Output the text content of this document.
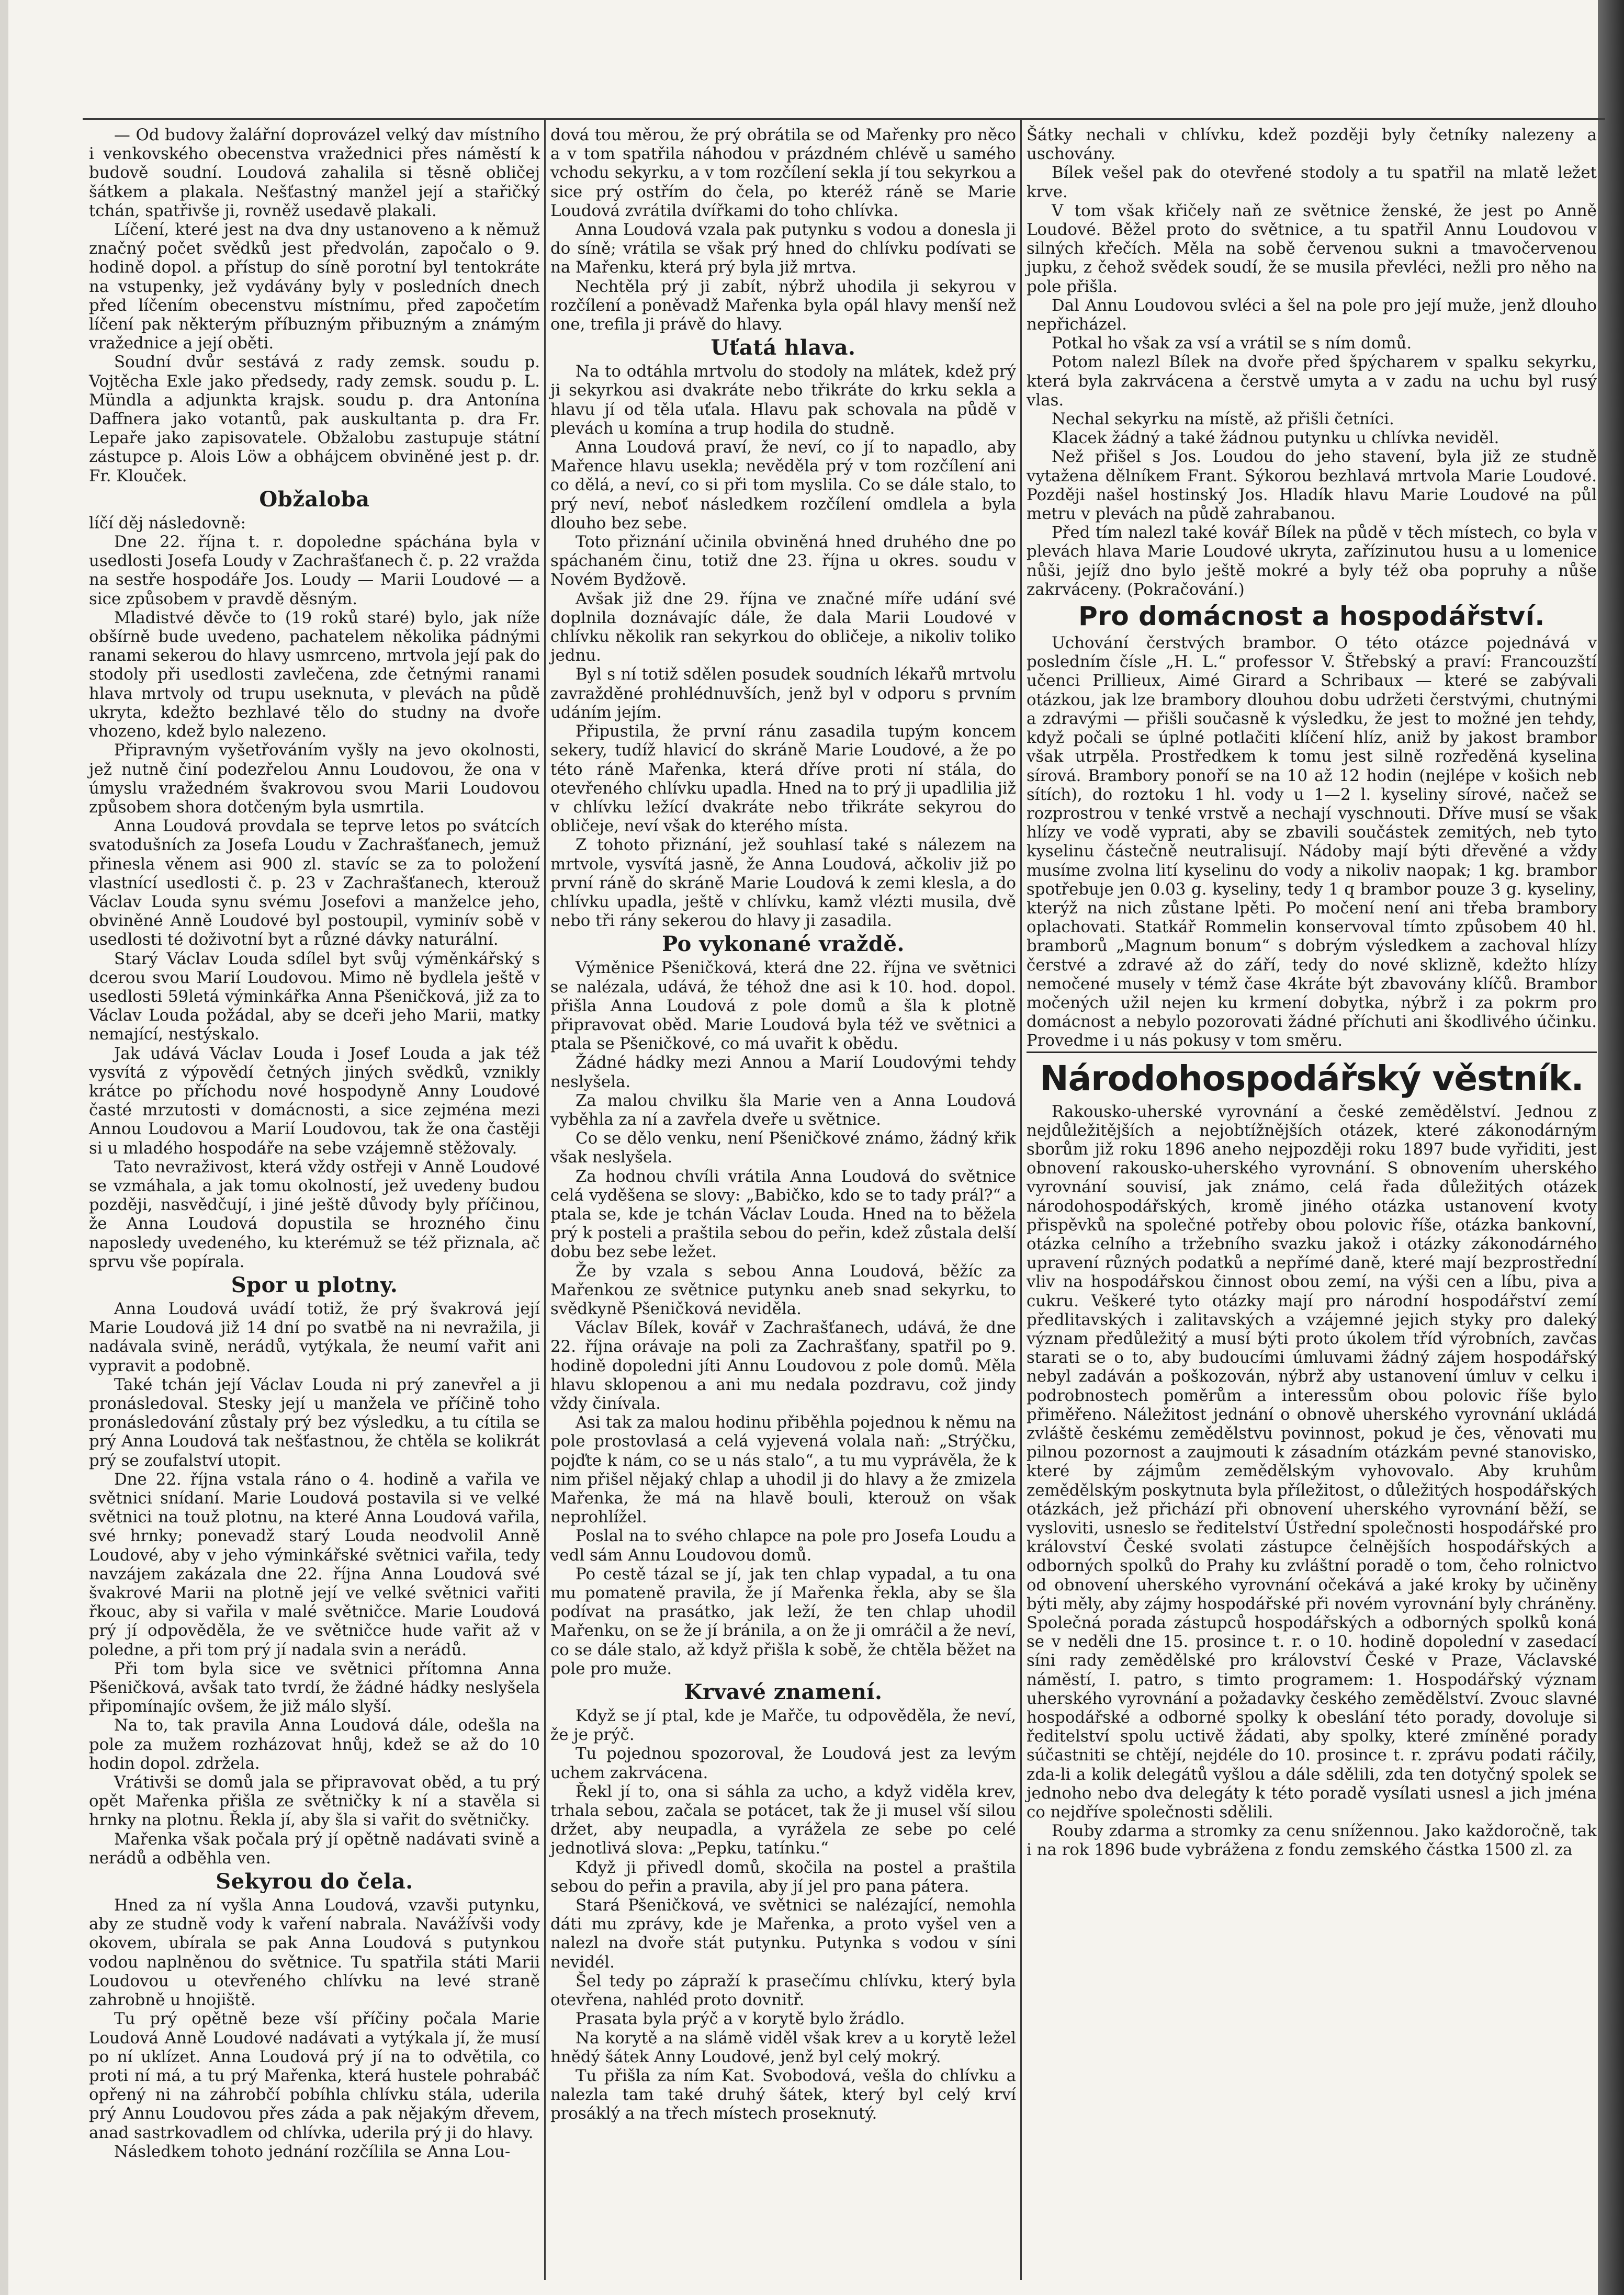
— Od budovy žalářní doprovázel velký dav místního i venkovského obecenstva vražednici přes náměstí k budově soudní. Loudová zahalila si těsně obličej šátkem a plakala. Nešťastný manžel její a stařičký tchán, spatřivše ji, rovněž usedavě plakali.

Líčení, které jest na dva dny ustanoveno a k němuž značný počet svědků jest předvolán, započalo o 9. hodině dopol. a přístup do síně porotní byl tentokráte na vstupenky, jež vydávány byly v posledních dnech před líčením obecenstvu místnímu, před započetím líčení pak některým příbuzným přibuzným a známým vražednice a její oběti.

Soudní dvůr sestává z rady zemsk. soudu p. Vojtěcha Exle jako předsedy, rady zemsk. soudu p. L. Mündla a adjunkta krajsk. soudu p. dra Antonína Daffnera jako votantů, pak auskultanta p. dra Fr. Lepaře jako zapisovatele. Obžalobu zastupuje státní zástupce p. Alois Löw a obhájcem obviněné jest p. dr. Fr. Klouček.

Obžaloba

líčí děj následovně:

Dne 22. října t. r. dopoledne spáchána byla v usedlosti Josefa Loudy v Zachrašťanech č. p. 22 vražda na sestře hospodáře Jos. Loudy — Marii Loudové — a sice způsobem v pravdě děsným.

Mladistvé děvče to (19 roků staré) bylo, jak níže obšírně bude uvedeno, pachatelem několika pádnými ranami sekerou do hlavy usmrceno, mrtvola její pak do stodoly při usedlosti zavlečena, zde četnými ranami hlava mrtvoly od trupu useknuta, v plevách na půdě ukryta, kdežto bezhlavé tělo do studny na dvoře vhozeno, kdež bylo nalezeno.

Připravným vyšetřováním vyšly na jevo okolnosti, jež nutně činí podezřelou Annu Loudovou, že ona v úmyslu vražedném švakrovou svou Marii Loudovou způsobem shora dotčeným byla usmrtila.

Anna Loudová provdala se teprve letos po svátcích svatodušních za Josefa Loudu v Zachrašťanech, jemuž přinesla věnem asi 900 zl. stavíc se za to položení vlastnící usedlosti č. p. 23 v Zachrašťanech, kterouž Václav Louda synu svému Josefovi a manželce jeho, obviněné Anně Loudové byl postoupil, vyminív sobě v usedlosti té doživotní byt a různé dávky naturální.

Starý Václav Louda sdílel byt svůj výměnkářský s dcerou svou Marií Loudovou. Mimo ně bydlela ještě v usedlosti 59letá výminkářka Anna Pšeničková, již za to Václav Louda požádal, aby se dceři jeho Marii, matky nemající, nestýskalo.

Jak udává Václav Louda i Josef Louda a jak též vysvítá z výpovědí četných jiných svědků, vznikly krátce po příchodu nové hospodyně Anny Loudové časté mrzutosti v domácnosti, a sice zejména mezi Annou Loudovou a Marií Loudovou, tak že ona častěji si u mladého hospodáře na sebe vzájemně stěžovaly.

Tato nevraživost, která vždy ostřeji v Anně Loudové se vzmáhala, a jak tomu okolností, jež uvedeny budou později, nasvědčují, i jiné ještě důvody byly příčinou, že Anna Loudová dopustila se hrozného činu naposledy uvedeného, ku kterémuž se též přiznala, ač sprvu vše popírala.

Spor u plotny.

Anna Loudová uvádí totiž, že prý švakrová její Marie Loudová již 14 dní po svatbě na ni nevražila, ji nadávala svině, nerádů, vytýkala, že neumí vařit ani vypravit a podobně.

Také tchán její Václav Louda ni prý zanevřel a ji pronásledoval. Stesky její u manžela ve příčině toho pronásledování zůstaly prý bez výsledku, a tu cítila se prý Anna Loudová tak nešťastnou, že chtěla se kolikrát prý se zoufalství utopit.

Dne 22. října vstala ráno o 4. hodině a vařila ve světnici snídaní. Marie Loudová postavila si ve velké světnici na touž plotnu, na které Anna Loudová vařila, své hrnky; ponevadž starý Louda neodvolil Anně Loudové, aby v jeho výminkářské světnici vařila, tedy navzájem zakázala dne 22. října Anna Loudová své švakrové Marii na plotně její ve velké světnici vařiti řkouc, aby si vařila v malé světničce. Marie Loudová prý jí odpověděla, že ve světničce hude vařit až v poledne, a při tom prý jí nadala svin a nerádů.

Při tom byla sice ve světnici přítomna Anna Pšeničková, avšak tato tvrdí, že žádné hádky neslyšela připomínajíc ovšem, že již málo slyší.

Na to, tak pravila Anna Loudová dále, odešla na pole za mužem rozházovat hnůj, kdež se až do 10 hodin dopol. zdržela.

Vrátivši se domů jala se připravovat oběd, a tu prý opět Mařenka přišla ze světničky k ní a stavěla si hrnky na plotnu. Řekla jí, aby šla si vařit do světničky.

Mařenka však počala prý jí opětně nadávati svině a nerádů a odběhla ven.

Sekyrou do čela.

Hned za ní vyšla Anna Loudová, vzavši putynku, aby ze studně vody k vaření nabrala. Navážívši vody okovem, ubírala se pak Anna Loudová s putynkou vodou naplněnou do světnice. Tu spatřila státi Marii Loudovou u otevřeného chlívku na levé straně zahrobně u hnojiště.

Tu prý opětně beze vší příčiny počala Marie Loudová Anně Loudové nadávati a vytýkala jí, že musí po ní uklízet. Anna Loudová prý jí na to odvětila, co proti ní má, a tu prý Mařenka, která hustele pohrabáč opřený ni na záhrobčí pobíhla chlívku stála, uderila prý Annu Loudovou přes záda a pak nějakým dřevem, anad sastrkovadlem od chlívka, uderila prý ji do hlavy.

Následkem tohoto jednání rozčílila se Anna Lou-

dová tou měrou, že prý obrátila se od Mařenky pro něco a v tom spatřila náhodou v prázdném chlévě u samého vchodu sekyrku, a v tom rozčílení sekla jí tou sekyrkou a sice prý ostřím do čela, po kteréž ráně se Marie Loudová zvrátila dvířkami do toho chlívka.

Anna Loudová vzala pak putynku s vodou a donesla ji do síně; vrátila se však prý hned do chlívku podívati se na Mařenku, která prý byla již mrtva.

Nechtěla prý ji zabít, nýbrž uhodila ji sekyrou v rozčílení a poněvadž Mařenka byla opál hlavy menší než one, trefila ji právě do hlavy.

Uťatá hlava.

Na to odtáhla mrtvolu do stodoly na mlátek, kdež prý ji sekyrkou asi dvakráte nebo třikráte do krku sekla a hlavu jí od těla uťala. Hlavu pak schovala na půdě v plevách u komína a trup hodila do studně.

Anna Loudová praví, že neví, co jí to napadlo, aby Mařence hlavu usekla; nevěděla prý v tom rozčílení ani co dělá, a neví, co si při tom myslila. Co se dále stalo, to prý neví, neboť následkem rozčílení omdlela a byla dlouho bez sebe.

Toto přiznání učinila obviněná hned druhého dne po spáchaném činu, totiž dne 23. října u okres. soudu v Novém Bydžově.

Avšak již dne 29. října ve značné míře udání své doplnila doznávajíc dále, že dala Marii Loudové v chlívku několik ran sekyrkou do obličeje, a nikoliv toliko jednu.

Byl s ní totiž sdělen posudek soudních lékařů mrtvolu zavražděné prohlédnuvších, jenž byl v odporu s prvním udáním jejím.

Připustila, že první ránu zasadila tupým koncem sekery, tudíž hlavicí do skráně Marie Loudové, a že po této ráně Mařenka, která dříve proti ní stála, do otevřeného chlívku upadla. Hned na to prý ji upadlilia již v chlívku ležící dvakráte nebo třikráte sekyrou do obličeje, neví však do kterého místa.

Z tohoto přiznání, jež souhlasí také s nálezem na mrtvole, vysvítá jasně, že Anna Loudová, ačkoliv již po první ráně do skráně Marie Loudová k zemi klesla, a do chlívku upadla, ještě v chlívku, kamž vlézti musila, dvě nebo tři rány sekerou do hlavy ji zasadila.

Po vykonané vraždě.

Výměnice Pšeničková, která dne 22. října ve světnici se nalézala, udává, že téhož dne asi k 10. hod. dopol. přišla Anna Loudová z pole domů a šla k plotně připravovat oběd. Marie Loudová byla též ve světnici a ptala se Pšeničkové, co má uvařit k obědu.

Žádné hádky mezi Annou a Marií Loudovými tehdy neslyšela.

Za malou chvilku šla Marie ven a Anna Loudová vyběhla za ní a zavřela dveře u světnice.

Co se dělo venku, není Pšeničkové známo, žádný křik však neslyšela.

Za hodnou chvíli vrátila Anna Loudová do světnice celá vyděšena se slovy: „Babičko, kdo se to tady prál?“ a ptala se, kde je tchán Václav Louda. Hned na to běžela prý k posteli a praštila sebou do peřin, kdež zůstala delší dobu bez sebe ležet.

Že by vzala s sebou Anna Loudová, běžíc za Mařenkou ze světnice putynku aneb snad sekyrku, to svědkyně Pšeničková neviděla.

Václav Bílek, kovář v Zachrašťanech, udává, že dne 22. října orávaje na poli za Zachrašťany, spatřil po 9. hodině dopoledni jíti Annu Loudovou z pole domů. Měla hlavu sklopenou a ani mu nedala pozdravu, což jindy vždy činívala.

Asi tak za malou hodinu přiběhla pojednou k němu na pole prostovlasá a celá vyjevená volala naň: „Strýčku, pojďte k nám, co se u nás stalo“, a tu mu vyprávěla, že k nim přišel nějaký chlap a uhodil ji do hlavy a že zmizela Mařenka, že má na hlavě bouli, kterouž on však neprohlížel.

Poslal na to svého chlapce na pole pro Josefa Loudu a vedl sám Annu Loudovou domů.

Po cestě tázal se jí, jak ten chlap vypadal, a tu ona mu pomateně pravila, že jí Mařenka řekla, aby se šla podívat na prasátko, jak leží, že ten chlap uhodil Mařenku, on se že jí bránila, a on že ji omráčil a že neví, co se dále stalo, až když přišla k sobě, že chtěla běžet na pole pro muže.

Krvavé znamení.

Když se jí ptal, kde je Mařče, tu odpověděla, že neví, že je prýč.

Tu pojednou spozoroval, že Loudová jest za levým uchem zakrvácena.

Řekl jí to, ona si sáhla za ucho, a když viděla krev, trhala sebou, začala se potácet, tak že ji musel vší silou držet, aby neupadla, a vyrážela ze sebe po celé jednotlivá slova: „Pepku, tatínku.“

Když ji přivedl domů, skočila na postel a praštila sebou do peřin a pravila, aby jí jel pro pana pátera.

Stará Pšeničková, ve světnici se nalézající, nemohla dáti mu zprávy, kde je Mařenka, a proto vyšel ven a nalezl na dvoře stát putynku. Putynka s vodou v síni nevidél.

Šel tedy po zápraží k prasečímu chlívku, který byla otevřena, nahléd proto dovnitř.

Prasata byla prýč a v korytě bylo žrádlo.

Na korytě a na slámě viděl však krev a u korytě ležel hnědý šátek Anny Loudové, jenž byl celý mokrý.

Tu přišla za ním Kat. Svobodová, vešla do chlívku a nalezla tam také druhý šátek, který byl celý krví prosáklý a na třech místech proseknutý.

Šátky nechali v chlívku, kdež později byly četníky nalezeny a uschovány.

Bílek vešel pak do otevřené stodoly a tu spatřil na mlatě ležet krve.

V tom však křičely naň ze světnice ženské, že jest po Anně Loudové. Běžel proto do světnice, a tu spatřil Annu Loudovou v silných křečích. Měla na sobě červenou sukni a tmavočervenou jupku, z čehož svědek soudí, že se musila převléci, nežli pro něho na pole přišla.

Dal Annu Loudovou svléci a šel na pole pro její muže, jenž dlouho nepřicházel.

Potkal ho však za vsí a vrátil se s ním domů.

Potom nalezl Bílek na dvoře před špýcharem v spalku sekyrku, která byla zakrvácena a čerstvě umyta a v zadu na uchu byl rusý vlas.

Nechal sekyrku na místě, až přišli četníci.

Klacek žádný a také žádnou putynku u chlívka neviděl.

Než přišel s Jos. Loudou do jeho stavení, byla již ze studně vytažena dělníkem Frant. Sýkorou bezhlavá mrtvola Marie Loudové. Později našel hostinský Jos. Hladík hlavu Marie Loudové na půl metru v plevách na půdě zahrabanou.

Před tím nalezl také kovář Bílek na půdě v těch místech, co byla v plevách hlava Marie Loudové ukryta, zařízinutou husu a u lomenice nůši, jejíž dno bylo ještě mokré a byly též oba popruhy a nůše zakrváceny. (Pokračování.)

Pro domácnost a hospodářství.

Uchování čerstvých brambor. O této otázce pojednává v posledním čísle „H. L.“ professor V. Štřebský a praví: Francouzští učenci Prillieux, Aimé Girard a Schribaux — které se zabývali otázkou, jak lze brambory dlouhou dobu udržeti čerstvými, chutnými a zdravými — přišli současně k výsledku, že jest to možné jen tehdy, když počali se úplné potlačiti klíčení hlíz, aniž by jakost brambor však utrpěla. Prostředkem k tomu jest silně rozředěná kyselina sírová. Brambory ponoří se na 10 až 12 hodin (nejlépe v košich neb sítích), do roztoku 1 hl. vody u 1—2 l. kyseliny sírové, načež se rozprostrou v tenké vrstvě a nechají vyschnouti. Dříve musí se však hlízy ve vodě vyprati, aby se zbavili součástek zemitých, neb tyto kyselinu částečně neutralisují. Nádoby mají býti dřevěné a vždy musíme zvolna lití kyselinu do vody a nikoliv naopak; 1 kg. brambor spotřebuje jen 0.03 g. kyseliny, tedy 1 q brambor pouze 3 g. kyseliny, kterýž na nich zůstane lpěti. Po močení není ani třeba brambory oplachovati. Statkář Rommelin konservoval tímto způsobem 40 hl. bramborů „Magnum bonum“ s dobrým výsledkem a zachoval hlízy čerstvé a zdravé až do září, tedy do nové sklizně, kdežto hlízy nemočené musely v témž čase 4kráte být zbavovány klíčů. Brambor močených užil nejen ku krmení dobytka, nýbrž i za pokrm pro domácnost a nebylo pozorovati žádné příchuti ani škodlivého účinku. Provedme i u nás pokusy v tom směru.

Národohospodářský věstník.

Rakousko-uherské vyrovnání a české zemědělství. Jednou z nejdůležitějších a nejobtížnějších otázek, které zákonodárným sborům již roku 1896 aneho nejpozději roku 1897 bude vyřiditi, jest obnovení rakousko-uherského vyrovnání. S obnovením uherského vyrovnání souvisí, jak známo, celá řada důležitých otázek národohospodářských, kromě jiného otázka ustanovení kvoty přispěvků na společné potřeby obou polovic říše, otázka bankovní, otázka celního a tržebního svazku jakož i otázky zákonodárného upravení různých podatků a nepřímé daně, které mají bezprostřední vliv na hospodářskou činnost obou zemí, na výši cen a líbu, piva a cukru. Veškeré tyto otázky mají pro národní hospodářství zemí předlitavských i zalitavských a vzájemné jejich styky pro daleký význam předůležitý a musí býti proto úkolem tříd výrobních, zavčas starati se o to, aby budoucími úmluvami žádný zájem hospodářský nebyl zadáván a poškozován, nýbrž aby ustanovení úmluv v celku i podrobnostech poměrům a interessům obou polovic říše bylo přiměřeno. Náležitost jednání o obnově uherského vyrovnání ukládá zvláště českému zemědělstvu povinnost, pokud je čes, věnovati mu pilnou pozornost a zaujmouti k zásadním otázkám pevné stanovisko, které by zájmům zemědělským vyhovovalo. Aby kruhům zemědělským poskytnuta byla příležitost, o důležitých hospodářských otázkách, jež přichází při obnovení uherského vyrovnání běží, se vysloviti, usneslo se ředitelství Ústřední společnosti hospodářské pro království České svolati zástupce čelnějších hospodářských a odborných spolků do Prahy ku zvláštní poradě o tom, čeho rolnictvo od obnovení uherského vyrovnání očekává a jaké kroky by učiněny býti měly, aby zájmy hospodářské při novém vyrovnání byly chráněny. Společná porada zástupců hospodářských a odborných spolků koná se v neděli dne 15. prosince t. r. o 10. hodině dopolední v zasedací síni rady zemědělské pro království České v Praze, Václavské náměstí, I. patro, s timto programem: 1. Hospodářský význam uherského vyrovnání a požadavky českého zemědělství. Zvouc slavné hospodářské a odborné spolky k obeslání této porady, dovoluje si ředitelství spolu uctivě žádati, aby spolky, které zmíněné porady súčastniti se chtějí, nejdéle do 10. prosince t. r. zprávu podati ráčily, zda-li a kolik delegátů vyšlou a dále sdělili, zda ten dotyčný spolek se jednoho nebo dva delegáty k této poradě vysílati usnesl a jich jména co nejdříve společnosti sdělili.

Rouby zdarma a stromky za cenu snížennou. Jako každoročně, tak i na rok 1896 bude vybrážena z fondu zemského částka 1500 zl. za
